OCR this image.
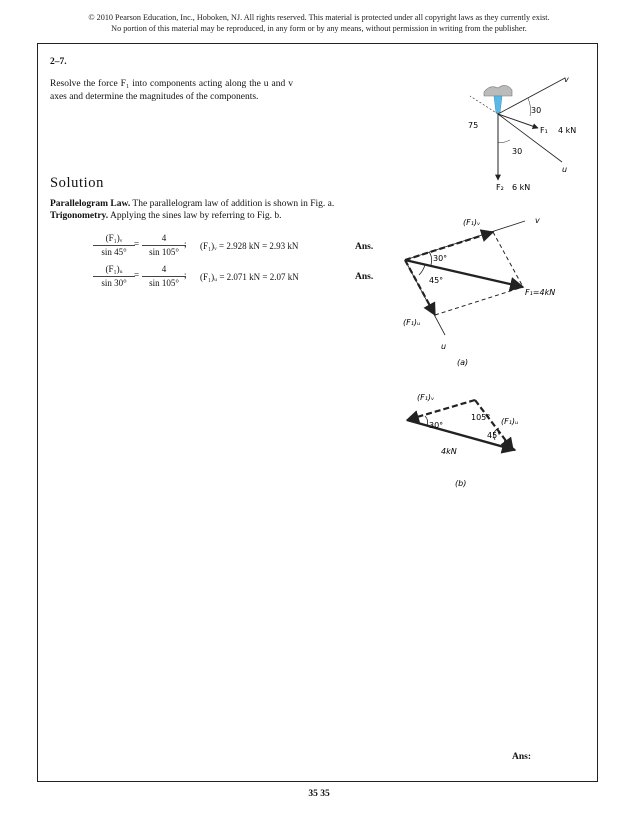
© 2010 Pearson Education, Inc., Hoboken, NJ. All rights reserved. This material is protected under all copyright laws as they currently exist.
No portion of this material may be reproduced, in any form or by any means, without permission in writing from the publisher.
2–7.
Resolve the force F₁ into components acting along the u and v axes and determine the magnitudes of the components.
30
75
30
F₁ 4 kN
F₂ 6 kN
u
v
Solution
Parallelogram Law. The parallelogram law of addition is shown in Fig. a.
Trigonometry. Applying the sines law by referring to Fig. b.
$\frac{\text{(F₁)ᵥ}}{\sin 45^\circ} = \frac{4}{\sin 105^\circ}$
; (F₁)ᵥ = 2.928 kN = 2.93 kN	Ans.
$\frac{\text{(F₁)ᵤ}}{\sin 30^\circ} = \frac{4}{\sin 105^\circ}$
; (F₁)ᵤ = 2.071 kN = 2.07 kN	Ans.
(F₁)ᵥ	v
30°
45°
F₁=4kN
(F₁)ᵤ
u
(a)
(F₁)ᵥ
30°
105°
45°
(F₁)ᵤ
4kN
(b)
Ans:
35 35
